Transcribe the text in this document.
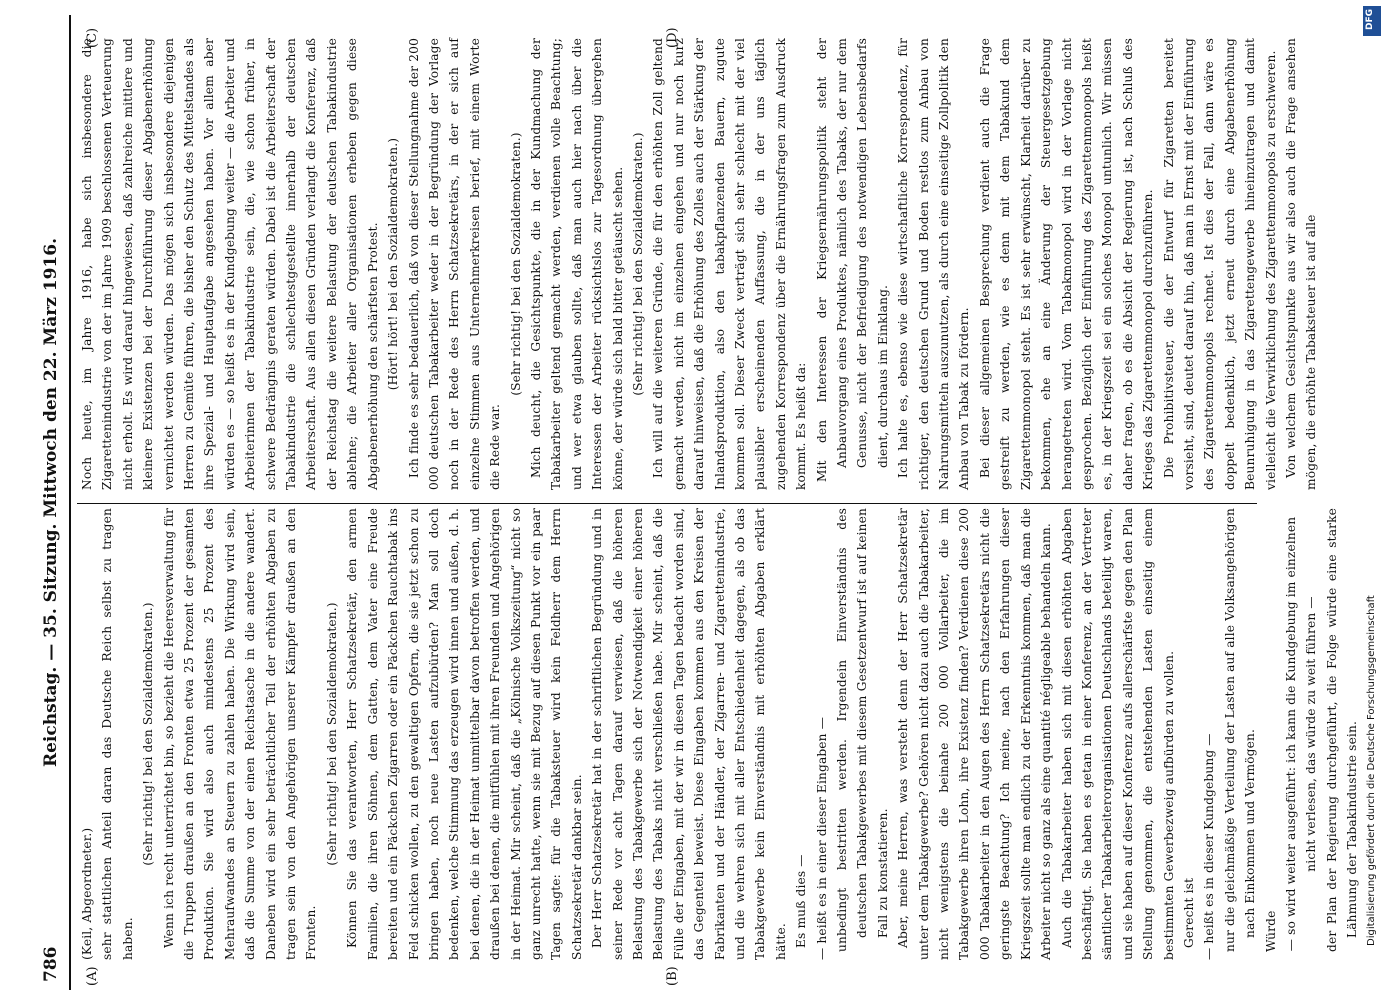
786
Reichstag. — 35. Sitzung. Mittwoch den 22. März 1916.
(A)	(B)
(C)	(D)

(Keil, Abgeordneter.) sehr stattlichen Anteil daran das Deutsche Reich selbst zu tragen haben.

(Sehr richtig! bei den Sozialdemokraten.) Wenn ich recht unterrichtet bin, so bezieht die Heeresverwaltung für die Truppen draußen an den Fronten etwa 25 Prozent der gesamten Produktion. Sie wird also auch mindestens 25 Prozent des Mehraufwandes an Steuern zu zahlen haben. Die Wirkung wird sein, daß die Summe von der einen Reichstasche in die andere wandert. Daneben wird ein sehr beträchtlicher Teil der erhöhten Abgaben zu tragen sein von den Angehörigen unserer Kämpfer draußen an den Fronten.

(Sehr richtig! bei den Sozialdemokraten.) Können Sie das verantworten, Herr Schatzsekretär, den armen Familien, die ihren Söhnen, dem Gatten, dem Vater eine Freude bereiten und ein Päckchen Zigarren oder ein Päckchen Rauchtabak ins Feld schicken wollen, zu den gewaltigen Opfern, die sie jetzt schon zu bringen haben, noch neue Lasten aufzubürden? Man soll doch bedenken, welche Stimmung das erzeugen wird innen und außen, d. h. bei denen, die in der Heimat unmittelbar davon betroffen werden, und draußen bei denen, die mitfühlen mit ihren Freunden und Angehörigen in der Heimat. Mir scheint, daß die „Kölnische Volkszeitung“ nicht so ganz unrecht hatte, wenn sie mit Bezug auf diesen Punkt vor ein paar Tagen sagte: für die Tabaksteuer wird kein Feldherr dem Herrn Schatzsekretär dankbar sein. Der Herr Schatzsekretär hat in der schriftlichen Begründung und in seiner Rede vor acht Tagen darauf verwiesen, daß die höheren Belastung des Tabakgewerbe sich der Notwendigkeit einer höheren Belastung des Tabaks nicht verschließen habe. Mir scheint, daß die Fülle der Eingaben, mit der wir in diesen Tagen bedacht worden sind, das Gegenteil beweist. Diese Eingaben kommen aus den Kreisen der Fabrikanten und der Händler, der Zigarren- und Zigarettenindustrie, und die wehren sich mit aller Entschiedenheit dagegen, als ob das Tabakgewerbe kein Einverständnis mit erhöhten Abgaben erklärt hätte. Es muß dies — — heißt es in einer dieser Eingaben — unbedingt bestritten werden. Irgendein Einverständnis des deutschen Tabakgewerbes mit diesem Gesetzentwurf ist auf keinen Fall zu konstatieren. Aber, meine Herren, was versteht denn der Herr Schatzsekretär unter dem Tabakgewerbe? Gehören nicht dazu auch die Tabakarbeiter, nicht wenigstens die beinahe 200 000 Vollarbeiter, die im Tabakgewerbe ihren Lohn, ihre Existenz finden? Verdienen diese 200 000 Tabakarbeiter in den Augen des Herrn Schatzsekretärs nicht die geringste Beachtung? Ich meine, nach den Erfahrungen dieser Kriegszeit sollte man endlich zu der Erkenntnis kommen, daß man die Arbeiter nicht so ganz als eine quantité négligeable behandeln kann. Auch die Tabakarbeiter haben sich mit diesen erhöhten Abgaben beschäftigt. Sie haben es getan in einer Konferenz, an der Vertreter sämtlicher Tabakarbeiterorganisationen Deutschlands beteiligt waren, und sie haben auf dieser Konferenz aufs allerschärfste gegen den Plan Stellung genommen, die entstehenden Lasten einseitig einem bestimmten Gewerbezweig aufbürden zu wollen. Gerecht ist — heißt es in dieser Kundgebung — nur die gleichmäßige Verteilung der Lasten auf alle Volksangehörigen nach Einkommen und Vermögen. Würde — so wird weiter ausgeführt: ich kann die Kundgebung im einzelnen nicht verlesen, das würde zu weit führen — der Plan der Regierung durchgeführt, die Folge würde eine starke Lähmung der Tabakindustrie sein.

Noch heute, im Jahre 1916, habe sich insbesondere die Zigarettenindustrie von der im Jahre 1909 beschlossenen Verteuerung nicht erholt. Es wird darauf hingewiesen, daß zahlreiche mittlere und kleinere Existenzen bei der Durchführung dieser Abgabenerhöhung vernichtet werden würden. Das mögen sich insbesondere diejenigen Herren zu Gemüte führen, die bisher den Schutz des Mittelstandes als ihre Spezial- und Hauptaufgabe angesehen haben. Vor allem aber würden es — so heißt es in der Kundgebung weiter — die Arbeiter und Arbeiterinnen der Tabakindustrie sein, die, wie schon früher, in schwere Bedrängnis geraten würden. Dabei ist die Arbeiterschaft der Tabakindustrie die schlechtestgestellte innerhalb der deutschen Arbeiterschaft. Aus allen diesen Gründen verlangt die Konferenz, daß der Reichstag die weitere Belastung der deutschen Tabakindustrie ablehne; die Arbeiter aller Organisationen erheben gegen diese Abgabenerhöhung den schärfsten Protest. (Hört! hört! bei den Sozialdemokraten.) Ich finde es sehr bedauerlich, daß von dieser Stellungnahme der 200 000 deutschen Tabakarbeiter weder in der Begründung der Vorlage noch in der Rede des Herrn Schatzsekretärs, in der er sich auf einzelne Stimmen aus Unternehmerkreisen berief, mit einem Worte die Rede war.

(Sehr richtig! bei den Sozialdemokraten.) Mich deucht, die Gesichtspunkte, die in der Kundmachung der Tabakarbeiter geltend gemacht werden, verdienen volle Beachtung; und wer etwa glauben sollte, daß man auch hier nach über die Interessen der Arbeiter rücksichtslos zur Tagesordnung übergehen könne, der würde sich bald bitter getäuscht sehen. (Sehr richtig! bei den Sozialdemokraten.) Ich will auf die weiteren Gründe, die für den erhöhten Zoll geltend gemacht werden, nicht im einzelnen eingehen und nur noch kurz darauf hinweisen, daß die Erhöhung des Zolles auch der Stärkung der Inlandsproduktion, also den tabakpflanzenden Bauern, zugute kommen soll. Dieser Zweck verträgt sich sehr schlecht mit der viel plausibler erscheinenden Auffassung, die in der uns täglich zugehenden Korrespondenz über die Ernährungsfragen zum Ausdruck kommt. Es heißt da: Mit den Interessen der Kriegsernährungspolitik steht der Anbauvorgang eines Produktes, nämlich des Tabaks, der nur dem Genusse, nicht der Befriedigung des notwendigen Lebensbedarfs dient, durchaus im Einklang. Ich halte es, ebenso wie diese wirtschaftliche Korrespondenz, für richtiger, den deutschen Grund und Boden restlos zum Anbau von Nahrungsmitteln auszunutzen, als durch eine einseitige Zollpolitik den Anbau von Tabak zu fördern. Bei dieser allgemeinen Besprechung verdient auch die Frage gestreift zu werden, wie es denn mit dem Tabakund dem Zigarettenmonopol steht. Es ist sehr erwünscht, Klarheit darüber zu bekommen, ehe an eine Änderung der Steuergesetzgebung herangetreten wird. Vom Tabakmonopol wird in der Vorlage nicht gesprochen. Bezüglich der Einführung des Zigarettenmonopols heißt es, in der Kriegszeit sei ein solches Monopol untunlich. Wir müssen daher fragen, ob es die Absicht der Regierung ist, nach Schluß des Krieges das Zigarettenmonopol durchzuführen. Die Prohibitivsteuer, die der Entwurf für Zigaretten bereitet vorsieht, sind, deutet darauf hin, daß man in Ernst mit der Einführung des Zigarettenmonopols rechnet. Ist dies der Fall, dann wäre es doppelt bedenklich, jetzt erneut durch eine Abgabenerhöhung Beunruhigung in das Zigarettengewerbe hineinzutragen und damit vielleicht die Verwirklichung des Zigarettenmonopols zu erschweren. Von welchem Gesichtspunkte aus wir also auch die Frage ansehen mögen, die erhöhte Tabaksteuer ist auf alle

DFG
Digitalisierung gefördert durch die Deutsche Forschungsgemeinschaft
